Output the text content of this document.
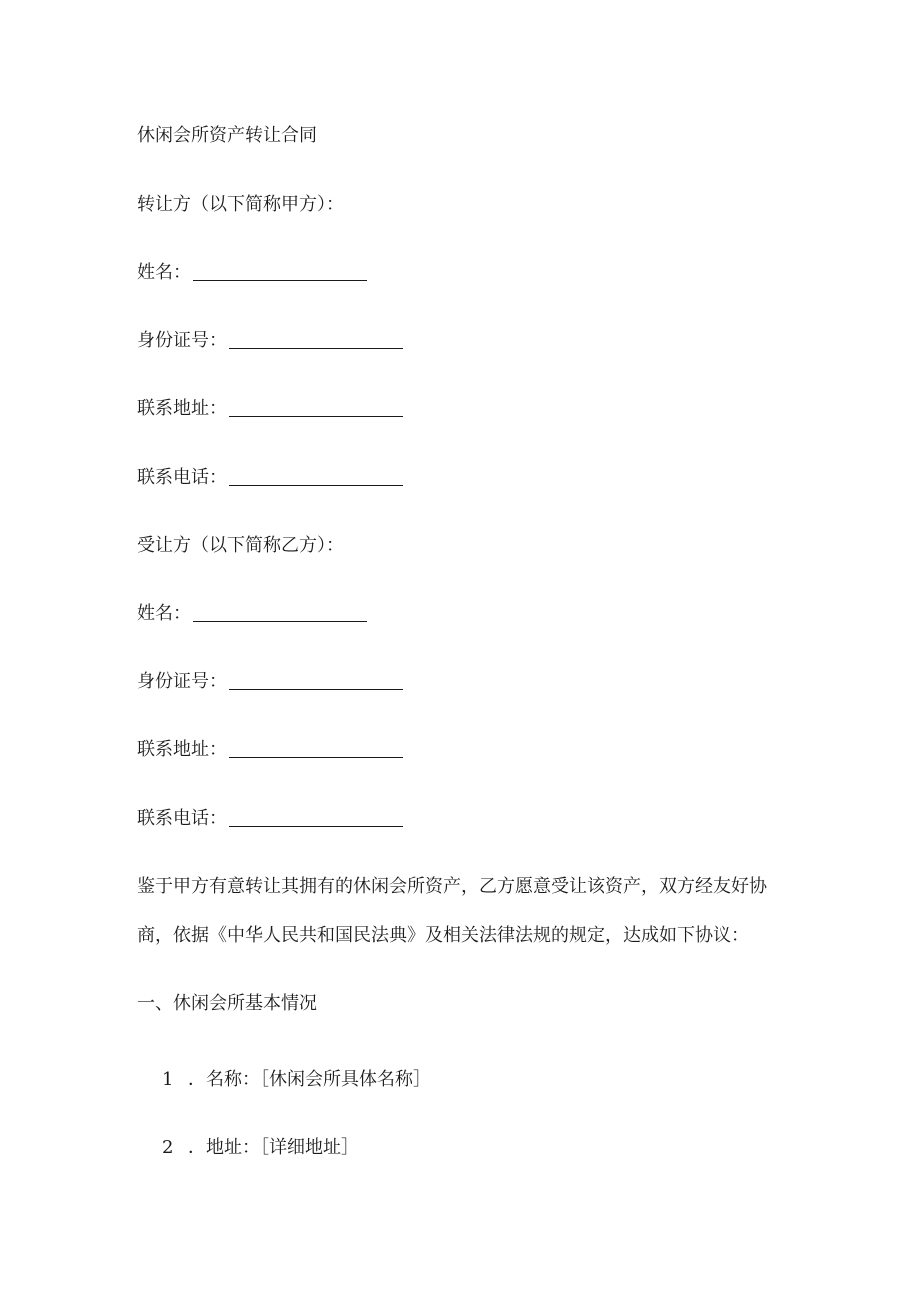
休闲会所资产转让合同
转让方（以下简称甲方）：
姓名：
身份证号：
联系地址：
联系电话：
受让方（以下简称乙方）：
姓名：
身份证号：
联系地址：
联系电话：
鉴于甲方有意转让其拥有的休闲会所资产，乙方愿意受让该资产，双方经友好协
商，依据《中华人民共和国民法典》及相关法律法规的规定，达成如下协议：
一、休闲会所基本情况
1 ．名称：［休闲会所具体名称］
2 ．地址：［详细地址］
